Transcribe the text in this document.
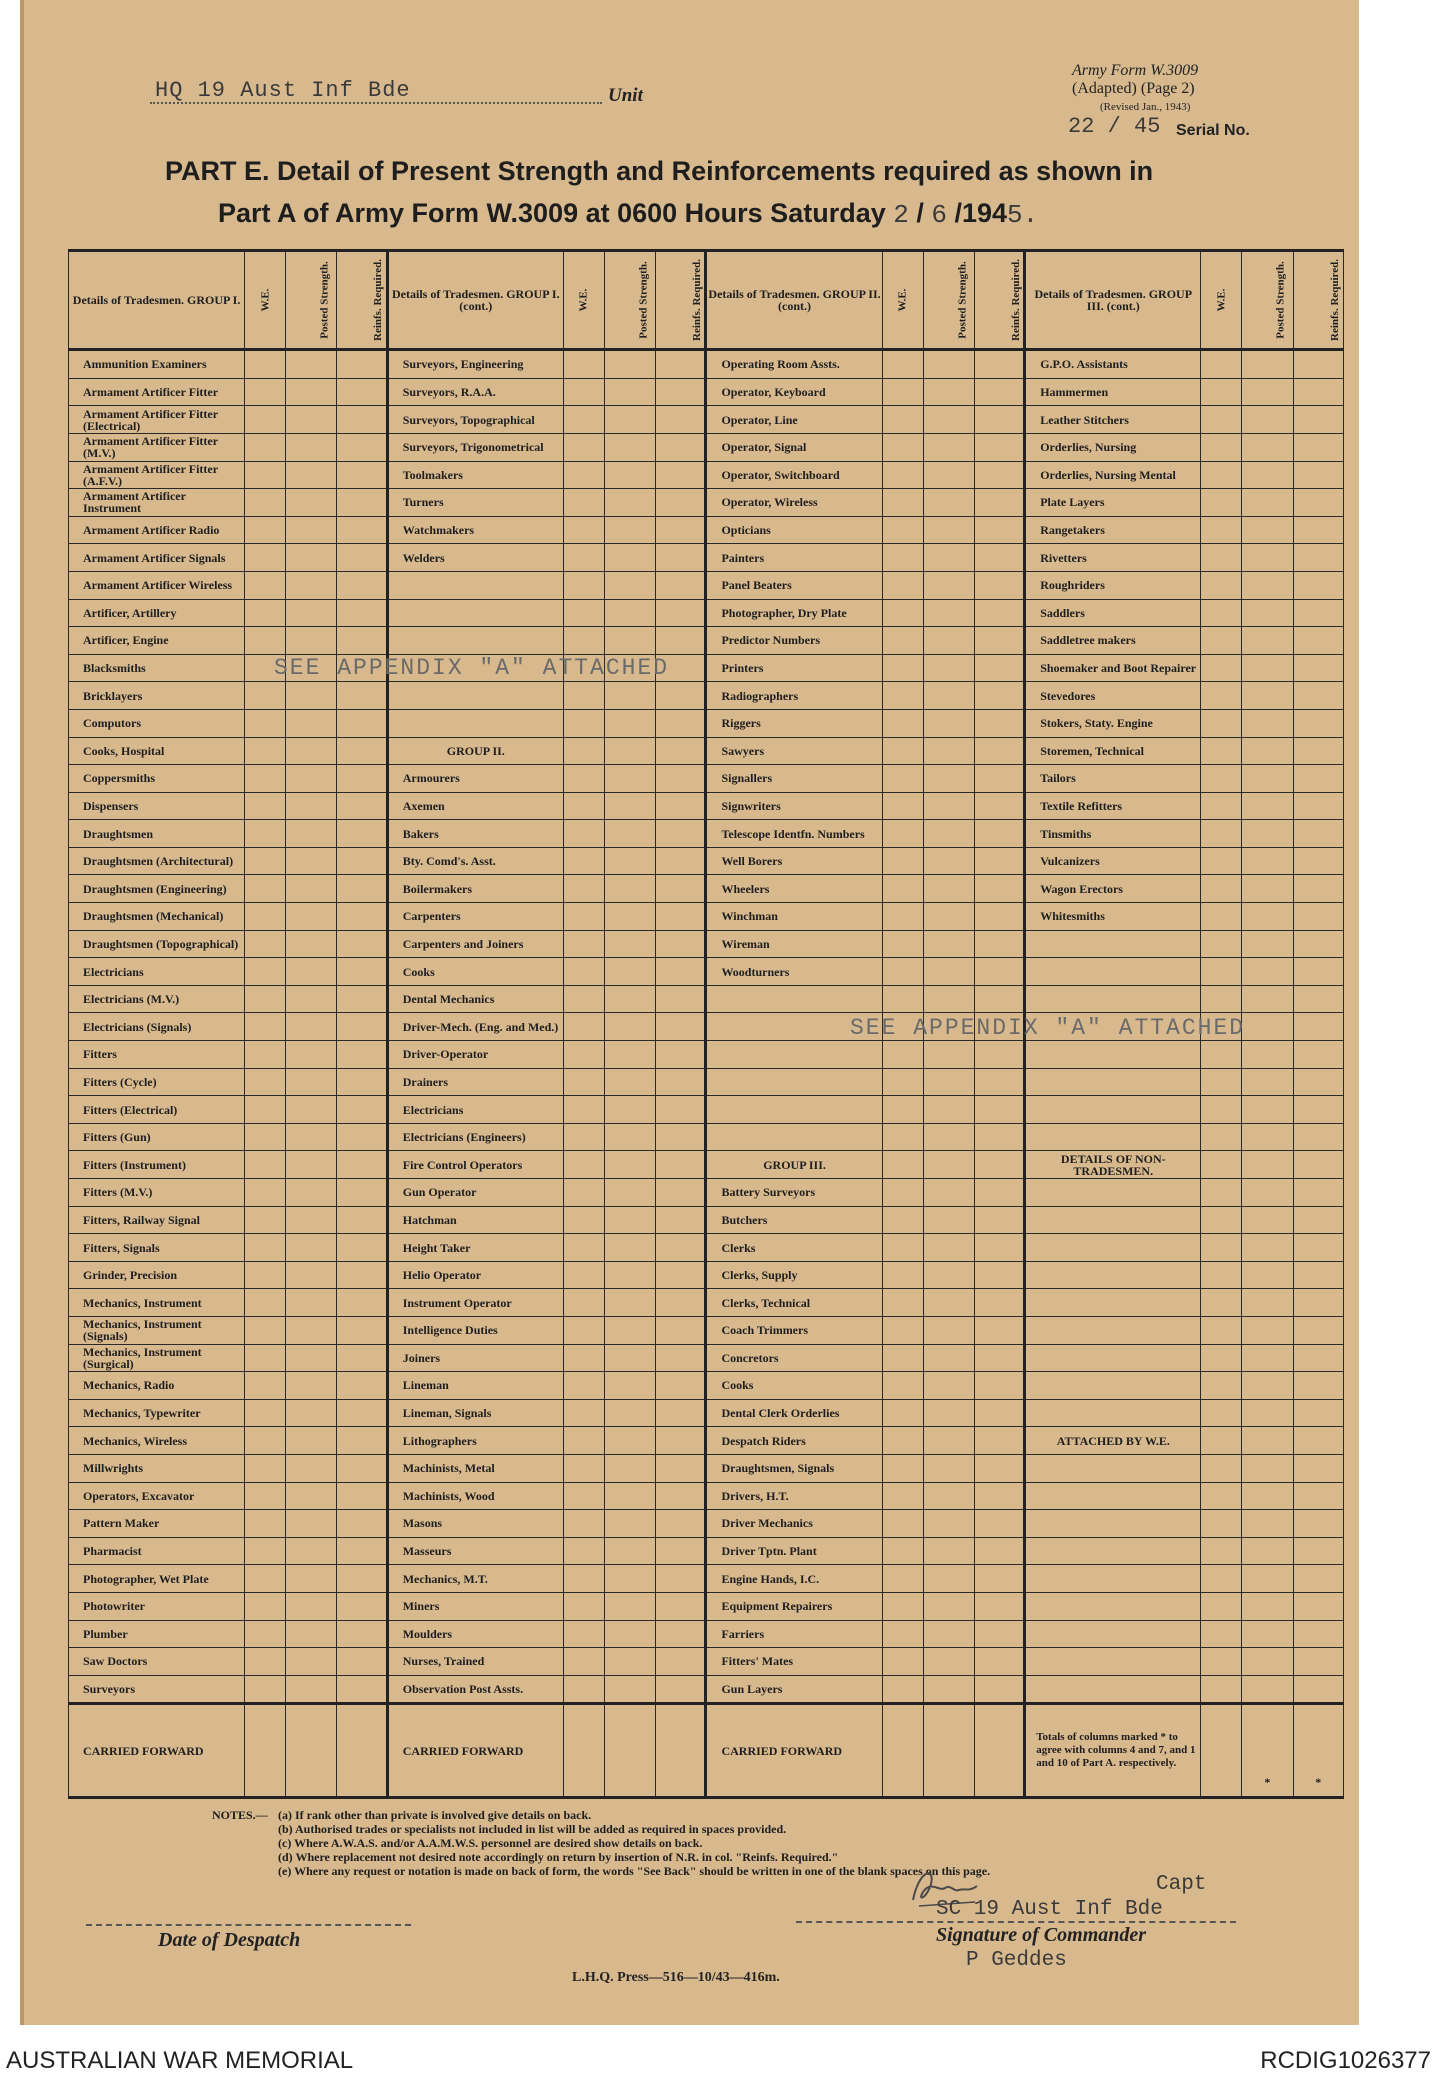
HQ 19 Aust Inf Bde	Unit
Army Form W.3009
(Adapted) (Page 2)
(Revised Jan., 1943)
22 / 45 Serial No.
PART E. Detail of Present Strength and Reinforcements required as shown in
Part A of Army Form W.3009 at 0600 Hours Saturday 2 / 6 /1945.
Details of Tradesmen. GROUP I.	W.E.	Posted Strength.	Reinfs. Required.	Details of Tradesmen. GROUP I. (cont.)	W.E.	Posted Strength.	Reinfs. Required.	Details of Tradesmen. GROUP II. (cont.)	W.E.	Posted Strength.	Reinfs. Required.	Details of Tradesmen. GROUP III. (cont.)	W.E.	Posted Strength.	Reinfs. Required.
Ammunition Examiners				Surveyors, Engineering				Operating Room Assts.				G.P.O. Assistants			
Armament Artificer Fitter				Surveyors, R.A.A.				Operator, Keyboard				Hammermen			
Armament Artificer Fitter (Electrical)				Surveyors, Topographical				Operator, Line				Leather Stitchers			
Armament Artificer Fitter (M.V.)				Surveyors, Trigonometrical				Operator, Signal				Orderlies, Nursing			
Armament Artificer Fitter (A.F.V.)				Toolmakers				Operator, Switchboard				Orderlies, Nursing Mental			
Armament Artificer Instrument				Turners				Operator, Wireless				Plate Layers			
Armament Artificer Radio				Watchmakers				Opticians				Rangetakers			
Armament Artificer Signals				Welders				Painters				Rivetters			
Armament Artificer Wireless								Panel Beaters				Roughriders			
Artificer, Artillery								Photographer, Dry Plate				Saddlers			
Artificer, Engine								Predictor Numbers				Saddletree makers			
Blacksmiths								Printers				Shoemaker and Boot Repairer			
Bricklayers								Radiographers				Stevedores			
Computors								Riggers				Stokers, Staty. Engine			
Cooks, Hospital				GROUP II.				Sawyers				Storemen, Technical			
Coppersmiths				Armourers				Signallers				Tailors			
Dispensers				Axemen				Signwriters				Textile Refitters			
Draughtsmen				Bakers				Telescope Identfn. Numbers				Tinsmiths			
Draughtsmen (Architectural)				Bty. Comd's. Asst.				Well Borers				Vulcanizers			
Draughtsmen (Engineering)				Boilermakers				Wheelers				Wagon Erectors			
Draughtsmen (Mechanical)				Carpenters				Winchman				Whitesmiths			
Draughtsmen (Topographical)				Carpenters and Joiners				Wireman							
Electricians				Cooks				Woodturners							
Electricians (M.V.)				Dental Mechanics											
Electricians (Signals)				Driver-Mech. (Eng. and Med.)											
Fitters				Driver-Operator											
Fitters (Cycle)				Drainers											
Fitters (Electrical)				Electricians											
Fitters (Gun)				Electricians (Engineers)											
Fitters (Instrument)				Fire Control Operators				GROUP III.				DETAILS OF NON-TRADESMEN.			
Fitters (M.V.)				Gun Operator				Battery Surveyors							
Fitters, Railway Signal				Hatchman				Butchers							
Fitters, Signals				Height Taker				Clerks							
Grinder, Precision				Helio Operator				Clerks, Supply							
Mechanics, Instrument				Instrument Operator				Clerks, Technical							
Mechanics, Instrument (Signals)				Intelligence Duties				Coach Trimmers							
Mechanics, Instrument (Surgical)				Joiners				Concretors							
Mechanics, Radio				Lineman				Cooks							
Mechanics, Typewriter				Lineman, Signals				Dental Clerk Orderlies							
Mechanics, Wireless				Lithographers				Despatch Riders				ATTACHED BY W.E.			
Millwrights				Machinists, Metal				Draughtsmen, Signals							
Operators, Excavator				Machinists, Wood				Drivers, H.T.							
Pattern Maker				Masons				Driver Mechanics							
Pharmacist				Masseurs				Driver Tptn. Plant							
Photographer, Wet Plate				Mechanics, M.T.				Engine Hands, I.C.							
Photowriter				Miners				Equipment Repairers							
Plumber				Moulders				Farriers							
Saw Doctors				Nurses, Trained				Fitters' Mates							
Surveyors				Observation Post Assts.				Gun Layers							
CARRIED FORWARD				CARRIED FORWARD				CARRIED FORWARD				Totals of columns marked * to agree with columns 4 and 7, and 1 and 10 of Part A. respectively.		*	*
SEE APPENDIX "A" ATTACHED
SEE APPENDIX "A" ATTACHED
NOTES.— (a) If rank other than private is involved give details on back.
(b) Authorised trades or specialists not included in list will be added as required in spaces provided.
(c) Where A.W.A.S. and/or A.A.M.W.S. personnel are desired show details on back.
(d) Where replacement not desired note accordingly on return by insertion of N.R. in col. "Reinfs. Required."
(e) Where any request or notation is made on back of form, the words "See Back" should be written in one of the blank spaces on this page.
Date of Despatch
Capt
SC 19 Aust Inf Bde
Signature of Commander
P Geddes
L.H.Q. Press—516—10/43—416m.
AUSTRALIAN WAR MEMORIAL	RCDIG1026377
